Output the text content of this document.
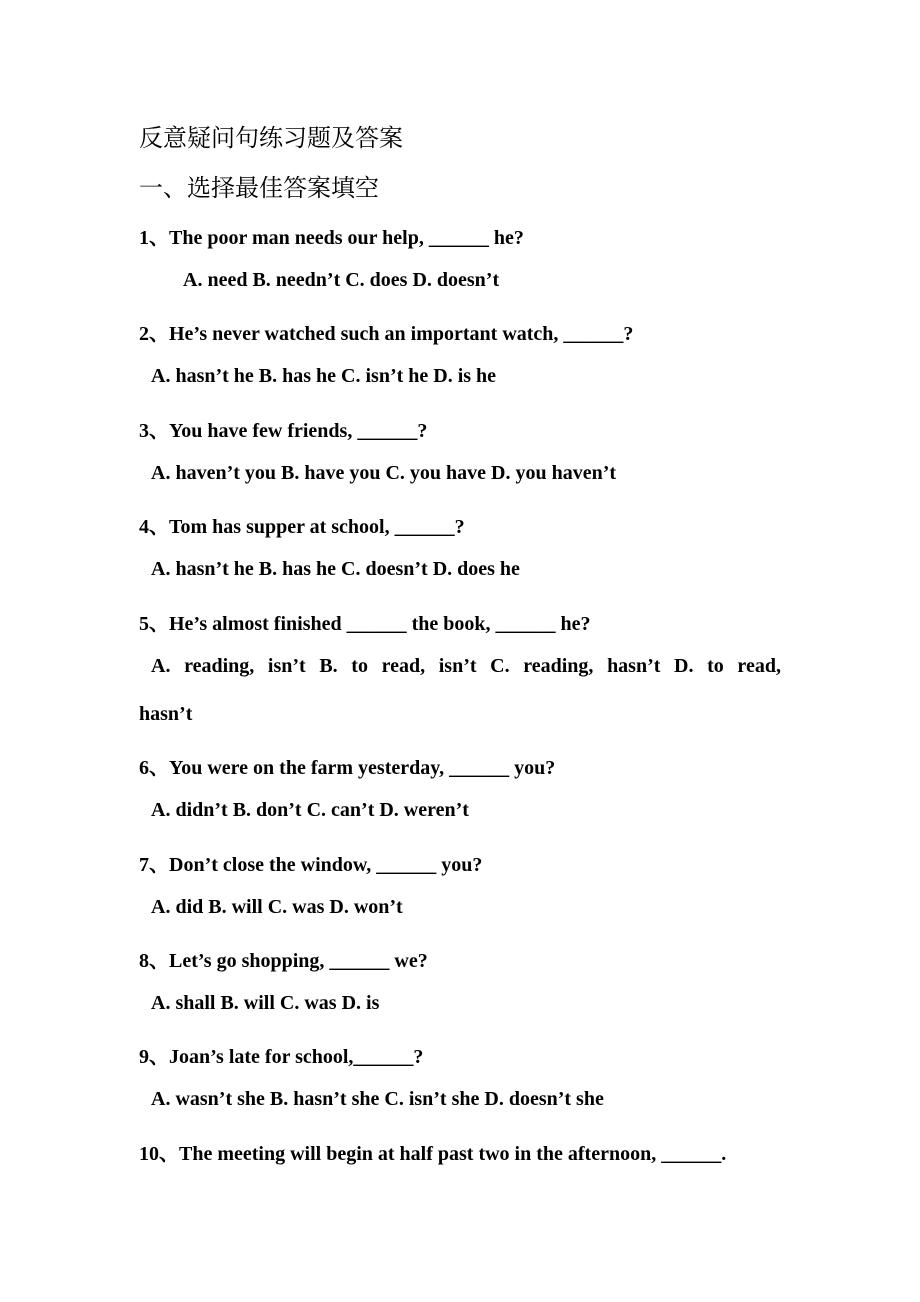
反意疑问句练习题及答案
一、选择最佳答案填空
1、The poor man needs our help, ______ he?
A. need B. needn’t C. does D. doesn’t
2、He’s never watched such an important watch, ______?
A. hasn’t he B. has he C. isn’t he D. is he
3、You have few friends, ______?
A. haven’t you B. have you C. you have D. you haven’t
4、Tom has supper at school, ______?
A. hasn’t he B. has he C. doesn’t D. does he
5、He’s almost finished ______ the book, ______ he?
A. reading, isn’t B. to read, isn’t C. reading, hasn’t D. to read,
hasn’t
6、You were on the farm yesterday, ______ you?
A. didn’t B. don’t C. can’t D. weren’t
7、Don’t close the window, ______ you?
A. did B. will C. was D. won’t
8、Let’s go shopping, ______ we?
A. shall B. will C. was D. is
9、Joan’s late for school,______?
A. wasn’t she B. hasn’t she C. isn’t she D. doesn’t she
10、The meeting will begin at half past two in the afternoon, ______.
